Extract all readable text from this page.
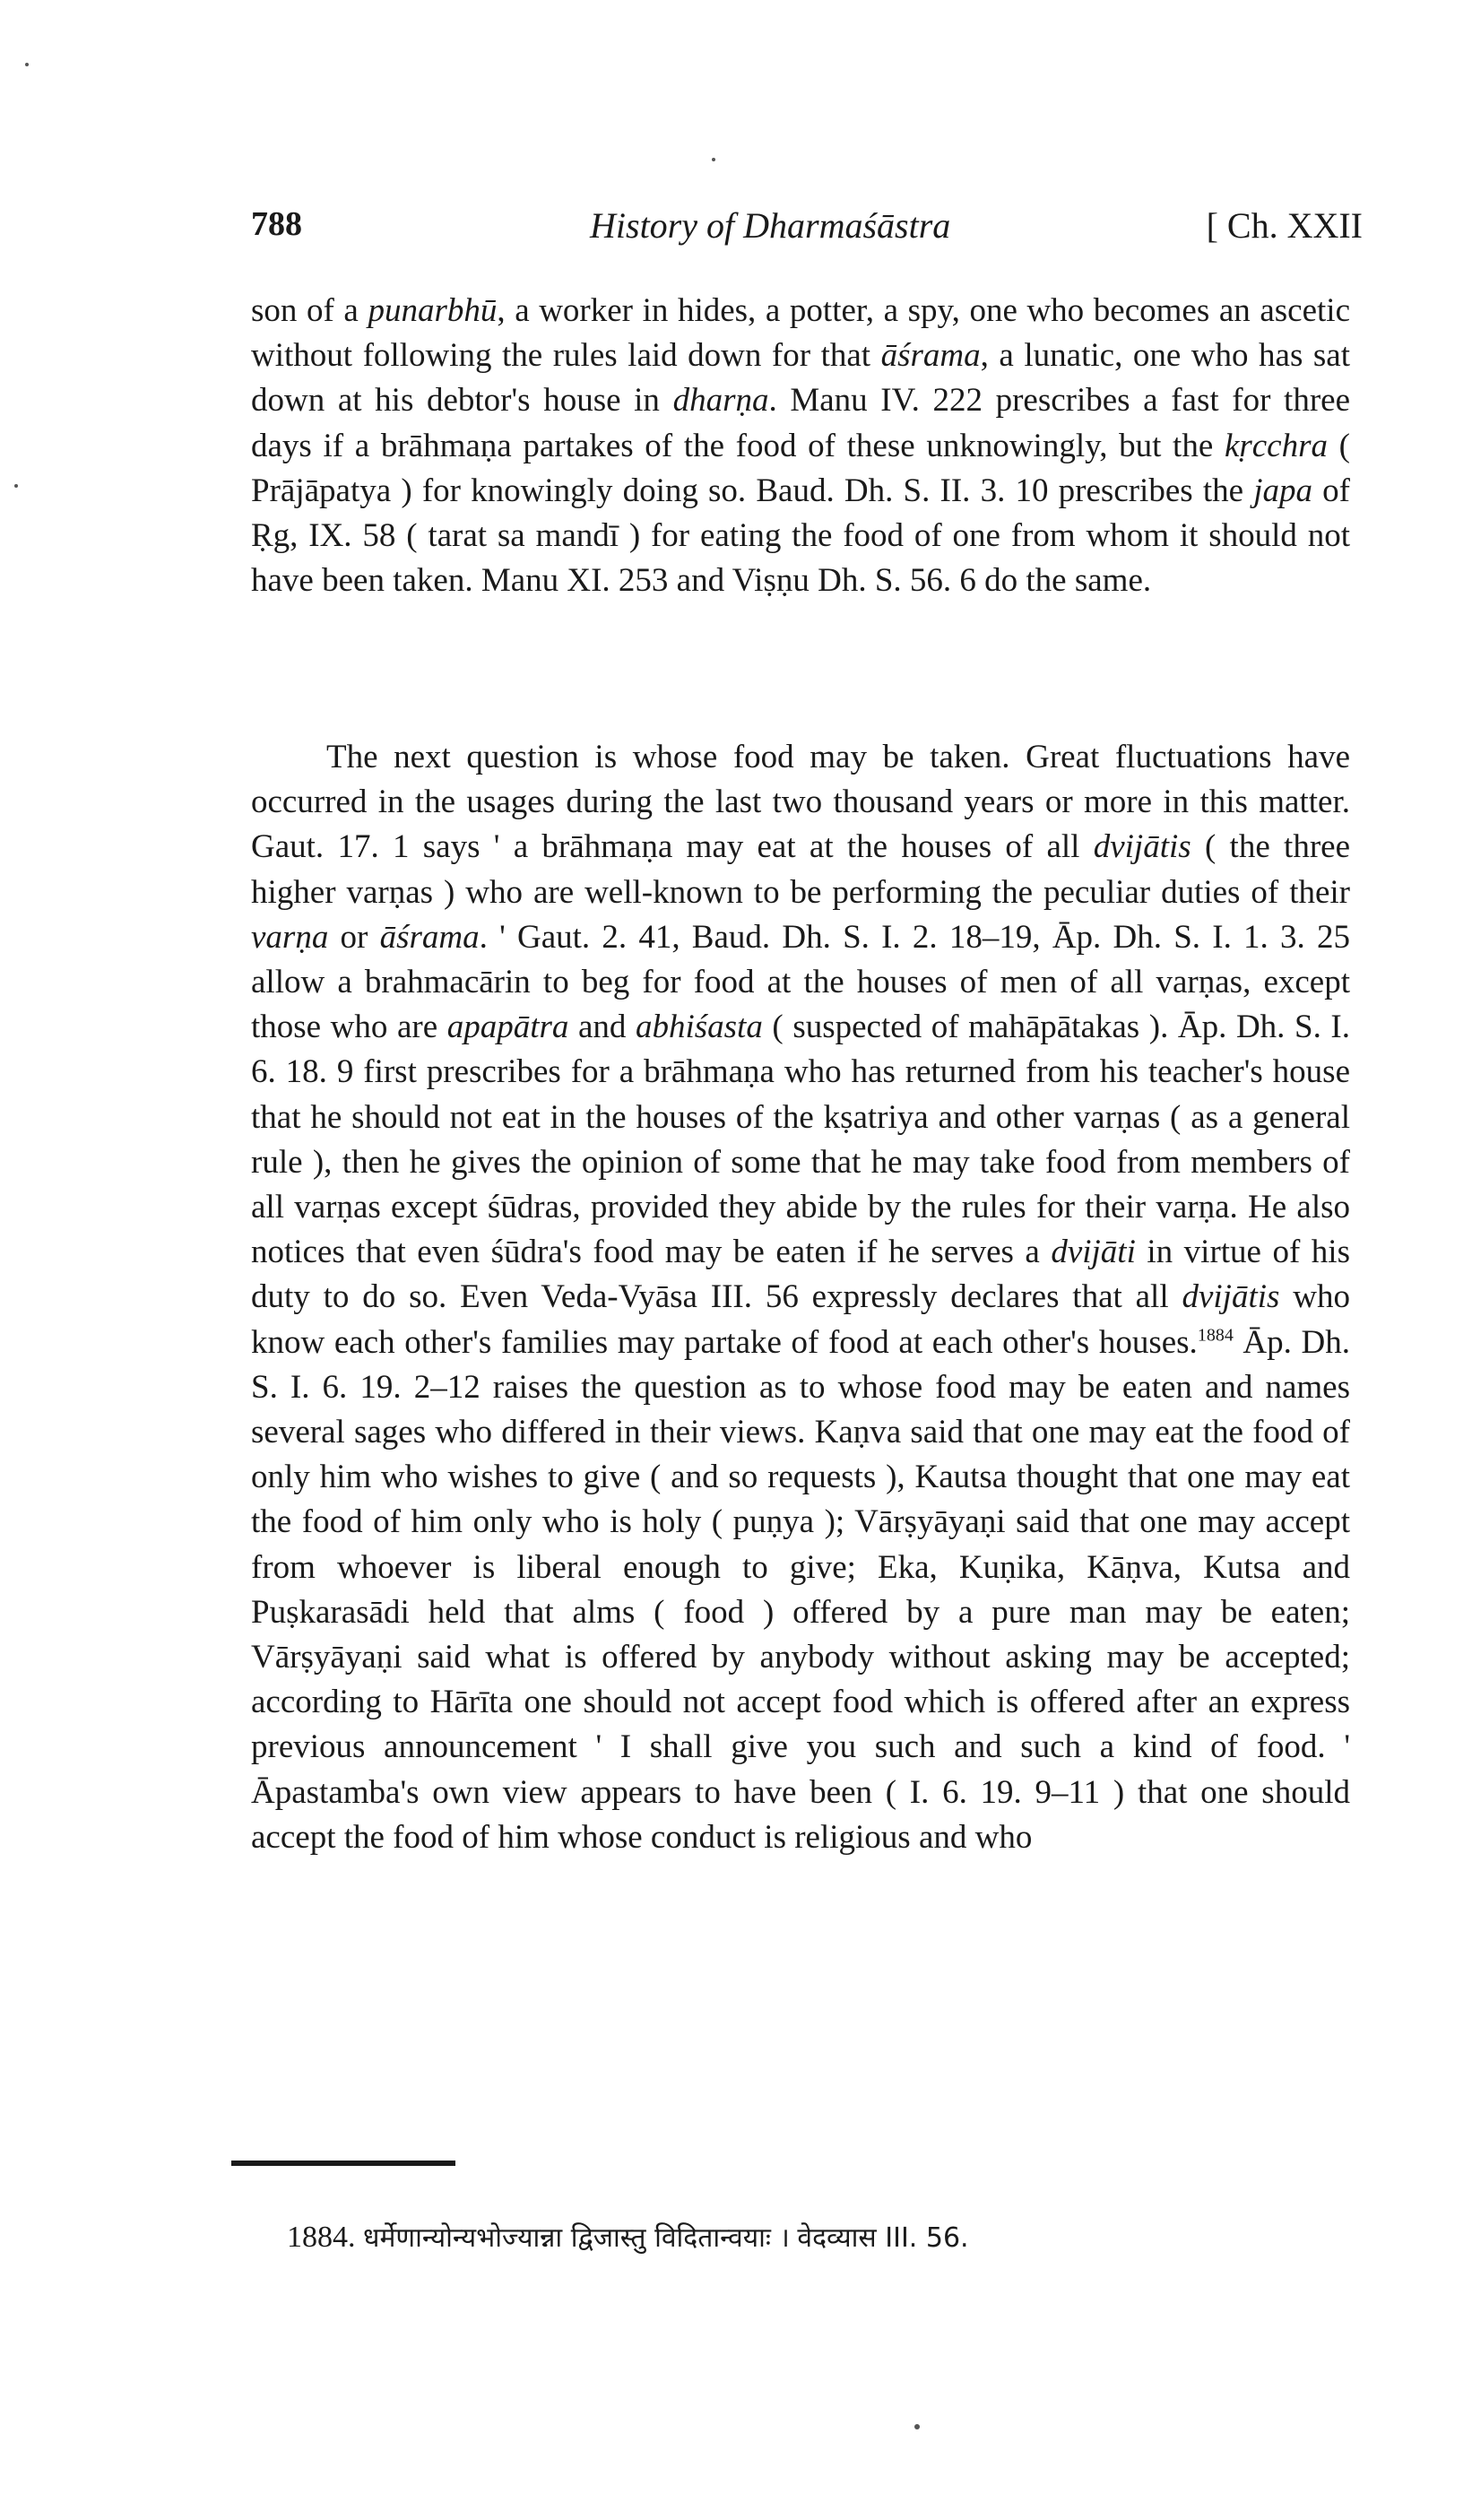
788	History of Dharmaśāstra	[ Ch. XXII

son of a punarbhū, a worker in hides, a potter, a spy, one who becomes an ascetic without following the rules laid down for that āśrama, a lunatic, one who has sat down at his debtor's house in dharṇa. Manu IV. 222 prescribes a fast for three days if a brāhmaṇa partakes of the food of these unknowingly, but the kṛcchra ( Prājāpatya ) for knowingly doing so. Baud. Dh. S. II. 3. 10 prescribes the japa of Ṛg, IX. 58 ( tarat sa mandī ) for eating the food of one from whom it should not have been taken. Manu XI. 253 and Viṣṇu Dh. S. 56. 6 do the same.

The next question is whose food may be taken. Great fluctuations have occurred in the usages during the last two thousand years or more in this matter. Gaut. 17. 1 says ' a brāhmaṇa may eat at the houses of all dvijātis ( the three higher varṇas ) who are well-known to be performing the peculiar duties of their varṇa or āśrama. ' Gaut. 2. 41, Baud. Dh. S. I. 2. 18–19, Āp. Dh. S. I. 1. 3. 25 allow a brahmacārin to beg for food at the houses of men of all varṇas, except those who are apapātra and abhiśasta ( suspected of mahāpātakas ). Āp. Dh. S. I. 6. 18. 9 first prescribes for a brāhmaṇa who has returned from his teacher's house that he should not eat in the houses of the kṣatriya and other varṇas ( as a general rule ), then he gives the opinion of some that he may take food from members of all varṇas except śūdras, provided they abide by the rules for their varṇa. He also notices that even śūdra's food may be eaten if he serves a dvijāti in virtue of his duty to do so. Even Veda-Vyāsa III. 56 expressly declares that all dvijātis who know each other's families may partake of food at each other's houses.$^{1884}$ Āp. Dh. S. I. 6. 19. 2–12 raises the question as to whose food may be eaten and names several sages who differed in their views. Kaṇva said that one may eat the food of only him who wishes to give ( and so requests ), Kautsa thought that one may eat the food of him only who is holy ( puṇya ); Vārṣyāyaṇi said that one may accept from whoever is liberal enough to give; Eka, Kuṇika, Kāṇva, Kutsa and Puṣkarasādi held that alms ( food ) offered by a pure man may be eaten; Vārṣyāyaṇi said what is offered by anybody without asking may be accepted; according to Hārīta one should not accept food which is offered after an express previous announcement ' I shall give you such and such a kind of food. ' Āpastamba's own view appears to have been ( I. 6. 19. 9–11 ) that one should accept the food of him whose conduct is religious and who

1884. धर्मेणान्योन्यभोज्यान्ना द्विजास्तु विदितान्वयाः । वेदव्यास III. 56.
